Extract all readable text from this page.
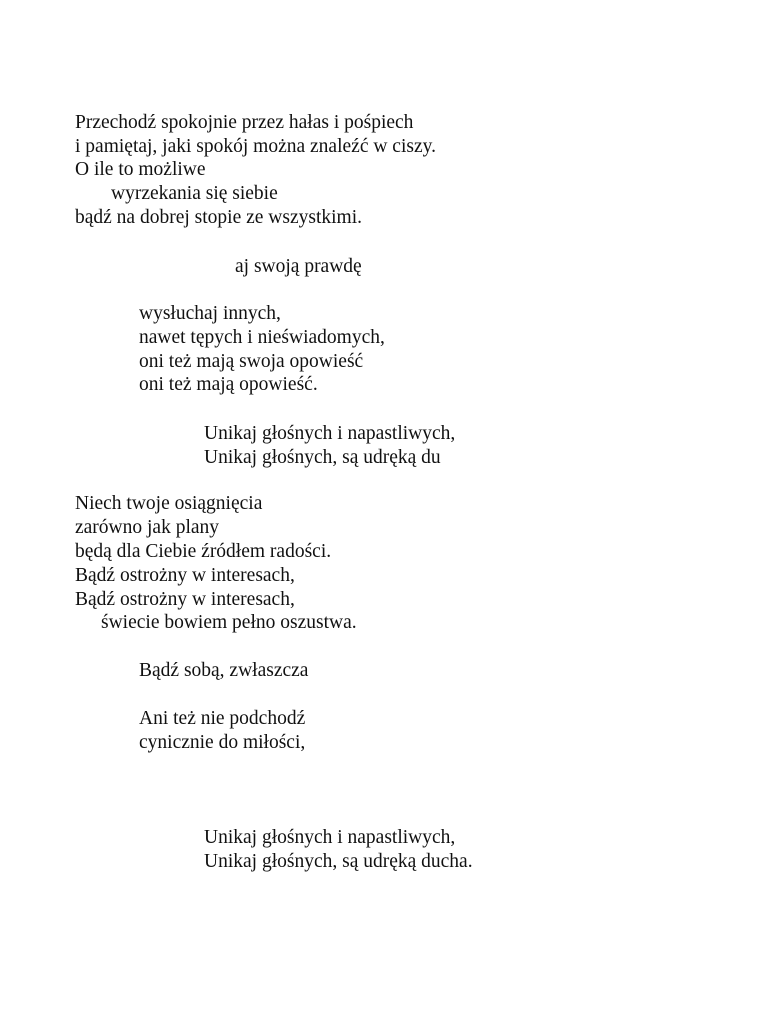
Przechodź spokojnie przez hałas i pośpiech
i pamiętaj, jaki spokój można znaleźć w ciszy.
O ile to możliwe
wyrzekania się siebie
bądź na dobrej stopie ze wszystkimi.
aj swoją prawdę
wysłuchaj innych,
nawet tępych i nieświadomych,
oni też mają swoja opowieść
oni też mają opowieść.
Unikaj głośnych i napastliwych,
Unikaj głośnych, są udręką du
Niech twoje osiągnięcia
zarówno jak plany
będą dla Ciebie źródłem radości.
Bądź ostrożny w interesach,
Bądź ostrożny w interesach,
świecie bowiem pełno oszustwa.
Bądź sobą, zwłaszcza
Ani też nie podchodź
cynicznie do miłości,
Unikaj głośnych i napastliwych,
Unikaj głośnych, są udręką ducha.
